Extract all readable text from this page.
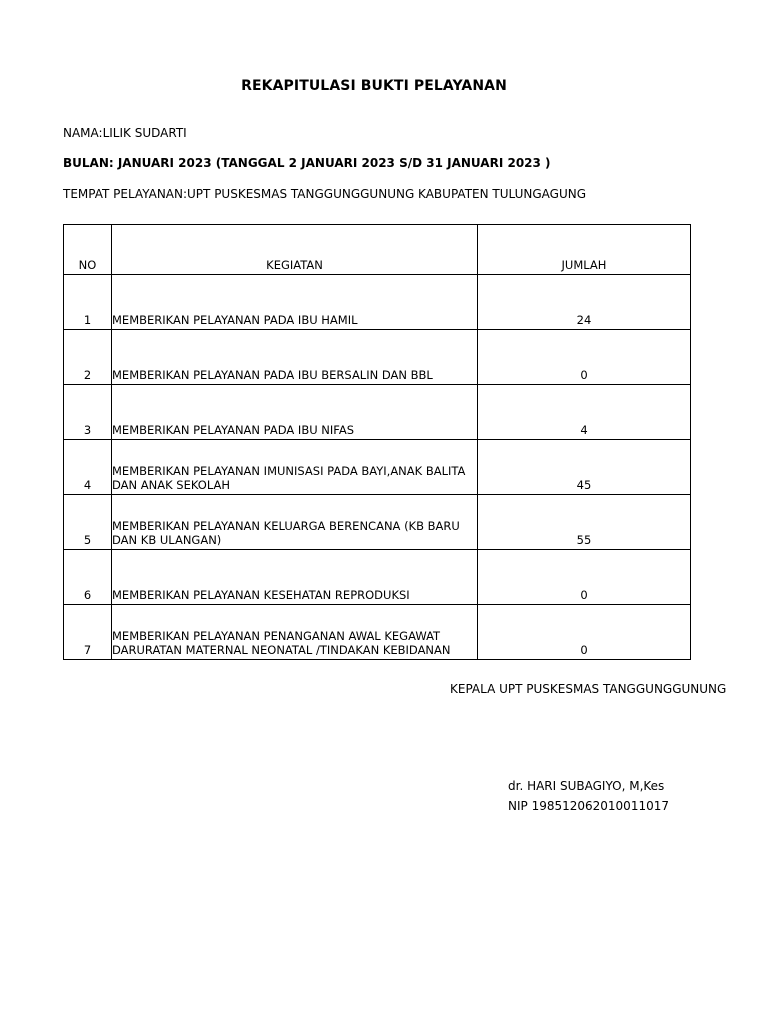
REKAPITULASI BUKTI PELAYANAN
NAMA:LILIK SUDARTI
BULAN: JANUARI 2023 (TANGGAL 2 JANUARI 2023 S/D 31 JANUARI 2023 )
TEMPAT PELAYANAN:UPT PUSKESMAS TANGGUNGGUNUNG KABUPATEN TULUNGAGUNG
NO	KEGIATAN	JUMLAH
1	MEMBERIKAN PELAYANAN PADA IBU HAMIL	24
2	MEMBERIKAN PELAYANAN PADA IBU BERSALIN DAN BBL	0
3	MEMBERIKAN PELAYANAN PADA IBU NIFAS	4
4	MEMBERIKAN PELAYANAN IMUNISASI PADA BAYI,ANAK BALITA DAN ANAK SEKOLAH	45
5	MEMBERIKAN PELAYANAN KELUARGA BERENCANA (KB BARU DAN KB ULANGAN)	55
6	MEMBERIKAN PELAYANAN KESEHATAN REPRODUKSI	0
7	MEMBERIKAN PELAYANAN PENANGANAN AWAL KEGAWAT DARURATAN MATERNAL NEONATAL /TINDAKAN KEBIDANAN	0
KEPALA UPT PUSKESMAS TANGGUNGGUNUNG
dr. HARI SUBAGIYO, M,Kes
NIP 198512062010011017
